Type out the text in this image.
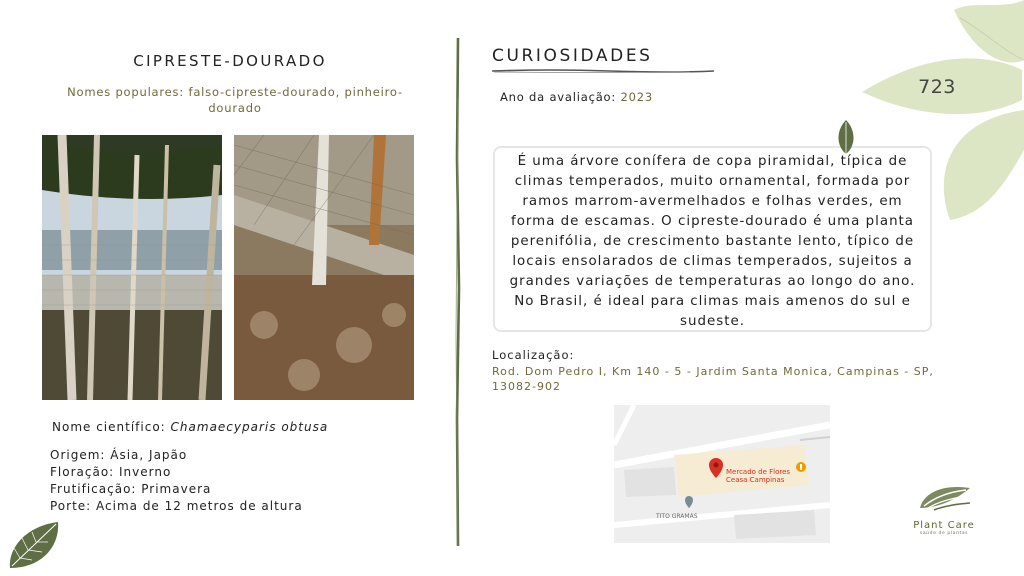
CIPRESTE-DOURADO
Nomes populares: falso-cipreste-dourado, pinheiro-dourado
Nome científico: Chamaecyparis obtusa
Origem: Ásia, Japão
Floração: Inverno
Frutificação: Primavera
Porte: Acima de 12 metros de altura
CURIOSIDADES
Ano da avaliação: 2023

É uma árvore conífera de copa piramidal, típica de climas temperados, muito ornamental, formada por ramos marrom-avermelhados e folhas verdes, em forma de escamas. O cipreste-dourado é uma planta perenifólia, de crescimento bastante lento, típico de locais ensolarados de climas temperados, sujeitos a grandes variações de temperaturas ao longo do ano. No Brasil, é ideal para climas mais amenos do sul e sudeste.

Localização:
Rod. Dom Pedro I, Km 140 - 5 - Jardim Santa Monica, Campinas - SP, 13082-902
Mercado de Flores
Ceasa Campinas
TITO GRAMAS
723
Plant Care
saúde de plantas
